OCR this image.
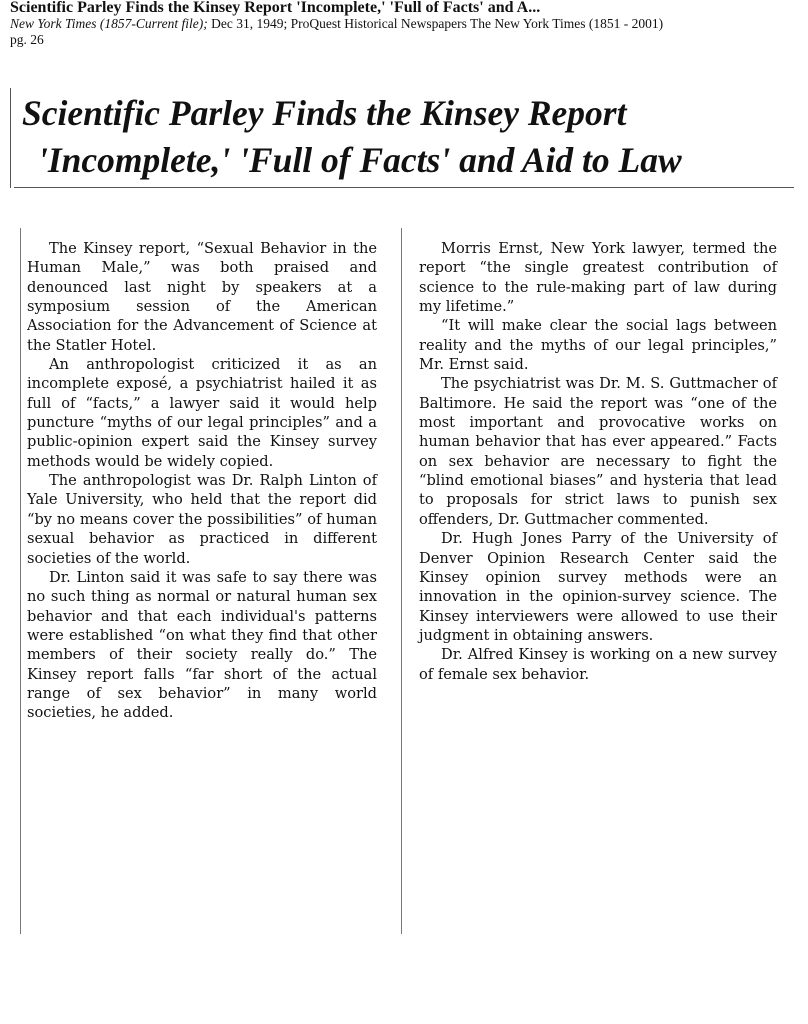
Scientific Parley Finds the Kinsey Report 'Incomplete,' 'Full of Facts' and A...
New York Times (1857-Current file); Dec 31, 1949; ProQuest Historical Newspapers The New York Times (1851 - 2001)
pg. 26
Scientific Parley Finds the Kinsey Report
'Incomplete,' 'Full of Facts' and Aid to Law

The Kinsey report, “Sexual Behavior in the Human Male,” was both praised and denounced last night by speakers at a symposium session of the American Association for the Advancement of Science at the Statler Hotel.

An anthropologist criticized it as an incomplete exposé, a psychiatrist hailed it as full of “facts,” a lawyer said it would help puncture “myths of our legal principles” and a public-opinion expert said the Kinsey survey methods would be widely copied.

The anthropologist was Dr. Ralph Linton of Yale University, who held that the report did “by no means cover the possibilities” of human sexual behavior as practiced in different societies of the world.

Dr. Linton said it was safe to say there was no such thing as normal or natural human sex behavior and that each individual's patterns were established “on what they find that other members of their society really do.” The Kinsey report falls “far short of the actual range of sex behavior” in many world societies, he added.

Morris Ernst, New York lawyer, termed the report “the single greatest contribution of science to the rule-making part of law during my lifetime.”

“It will make clear the social lags between reality and the myths of our legal principles,” Mr. Ernst said.

The psychiatrist was Dr. M. S. Guttmacher of Baltimore. He said the report was “one of the most important and provocative works on human behavior that has ever appeared.” Facts on sex behavior are necessary to fight the “blind emotional biases” and hysteria that lead to proposals for strict laws to punish sex offenders, Dr. Guttmacher commented.

Dr. Hugh Jones Parry of the University of Denver Opinion Research Center said the Kinsey opinion survey methods were an innovation in the opinion-survey science. The Kinsey interviewers were allowed to use their judgment in obtaining answers.

Dr. Alfred Kinsey is working on a new survey of female sex behavior.
